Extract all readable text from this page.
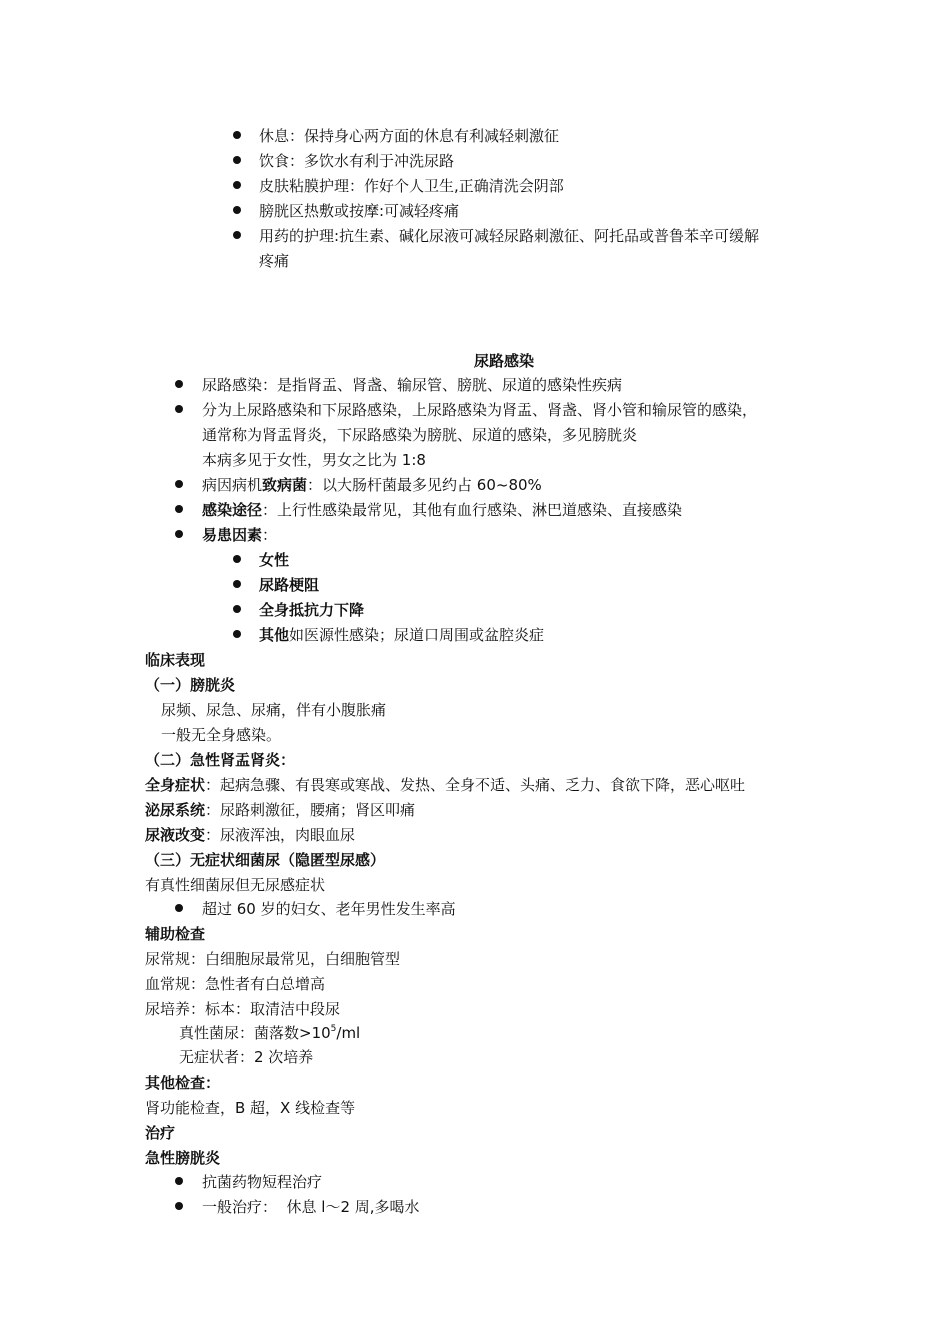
休息：保持身心两方面的休息有利减轻刺激征
饮食：多饮水有利于冲洗尿路
皮肤粘膜护理：作好个人卫生,正确清洗会阴部
膀胱区热敷或按摩:可减轻疼痛
用药的护理:抗生素、碱化尿液可减轻尿路刺激征、阿托品或普鲁苯辛可缓解
疼痛
尿路感染
尿路感染：是指肾盂、肾盏、输尿管、膀胱、尿道的感染性疾病
分为上尿路感染和下尿路感染，上尿路感染为肾盂、肾盏、肾小管和输尿管的感染，
通常称为肾盂肾炎，下尿路感染为膀胱、尿道的感染，多见膀胱炎
本病多见于女性，男女之比为 1:8
病因病机致病菌：以大肠杆菌最多见约占 60~80%
感染途径：上行性感染最常见，其他有血行感染、淋巴道感染、直接感染
易患因素：
女性
尿路梗阻
全身抵抗力下降
其他如医源性感染；尿道口周围或盆腔炎症
临床表现
（一）膀胱炎
尿频、尿急、尿痛，伴有小腹胀痛
一般无全身感染。
（二）急性肾盂肾炎：
全身症状：起病急骤、有畏寒或寒战、发热、全身不适、头痛、乏力、食欲下降，恶心呕吐
泌尿系统：尿路刺激征，腰痛；肾区叩痛
尿液改变：尿液浑浊，肉眼血尿
（三）无症状细菌尿（隐匿型尿感）
有真性细菌尿但无尿感症状
超过 60 岁的妇女、老年男性发生率高
辅助检查
尿常规：白细胞尿最常见，白细胞管型
血常规：急性者有白总增高
尿培养：标本：取清洁中段尿
真性菌尿：菌落数$>10^5/ml$
无症状者：2 次培养
其他检查：
肾功能检查，B 超，X 线检查等
治疗
急性膀胱炎
抗菌药物短程治疗
一般治疗：  休息 l～2 周,多喝水
